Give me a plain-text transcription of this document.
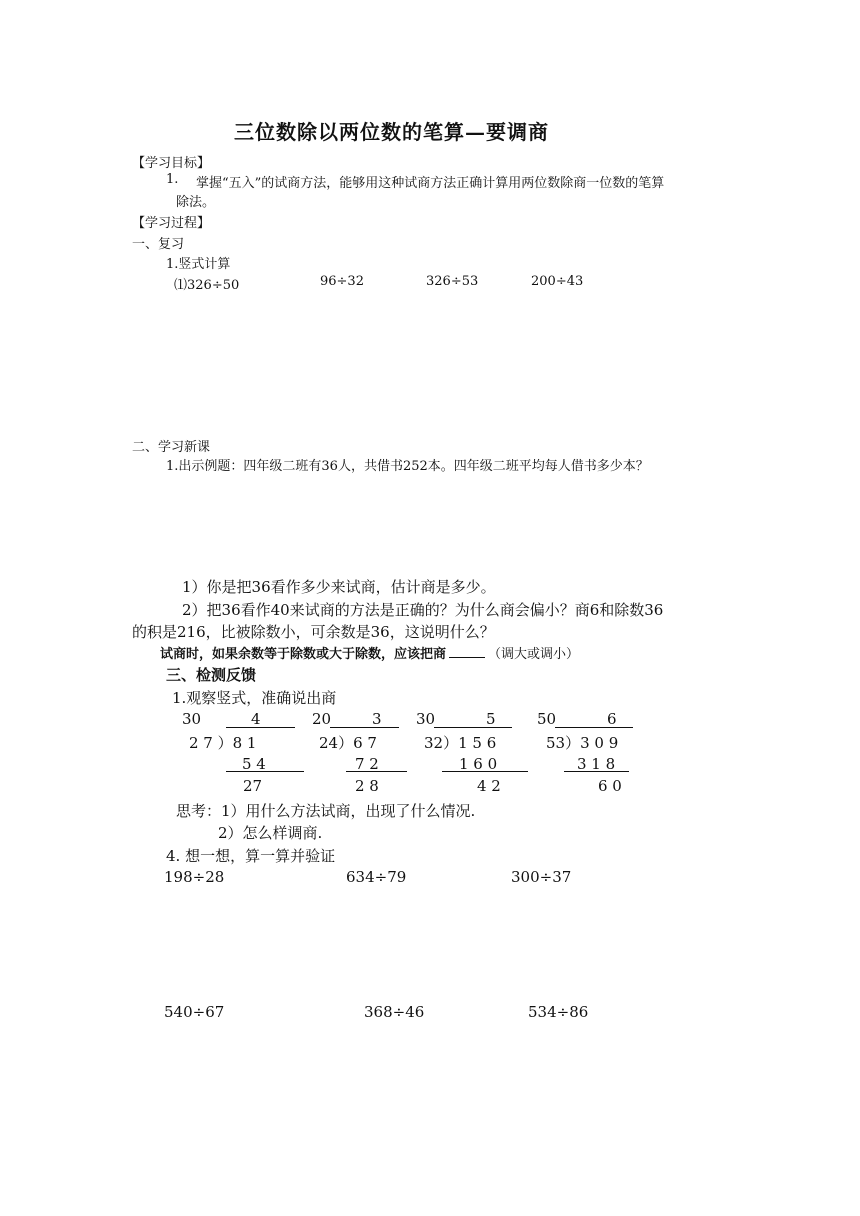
三位数除以两位数的笔算—要调商
【学习目标】
1. 掌握“五入”的试商方法，能够用这种试商方法正确计算用两位数除商一位数的笔算
除法。
【学习过程】
一、复习
1.竖式计算
⑴326÷50	96÷32	326÷53	200÷43
二、学习新课
1.出示例题：四年级二班有36人，共借书252本。四年级二班平均每人借书多少本？
1）你是把36看作多少来试商，估计商是多少。
2）把36看作40来试商的方法是正确的？为什么商会偏小？商6和除数36
的积是216，比被除数小，可余数是36，这说明什么？
试商时，如果余数等于除数或大于除数，应该把商	（调大或调小）
三、检测反馈
1.观察竖式，准确说出商
30	4
2 7 ）8 1
5 4
27
20	3
24）6 7
7 2
2 8
30	5
32）1 5 6
1 6 0
4 2
50	6
53）3 0 9
3 1 8
6 0
思考：1）用什么方法试商，出现了什么情况.
2）怎么样调商.
4. 想一想，算一算并验证
198÷28	634÷79	300÷37
540÷67	368÷46	534÷86
